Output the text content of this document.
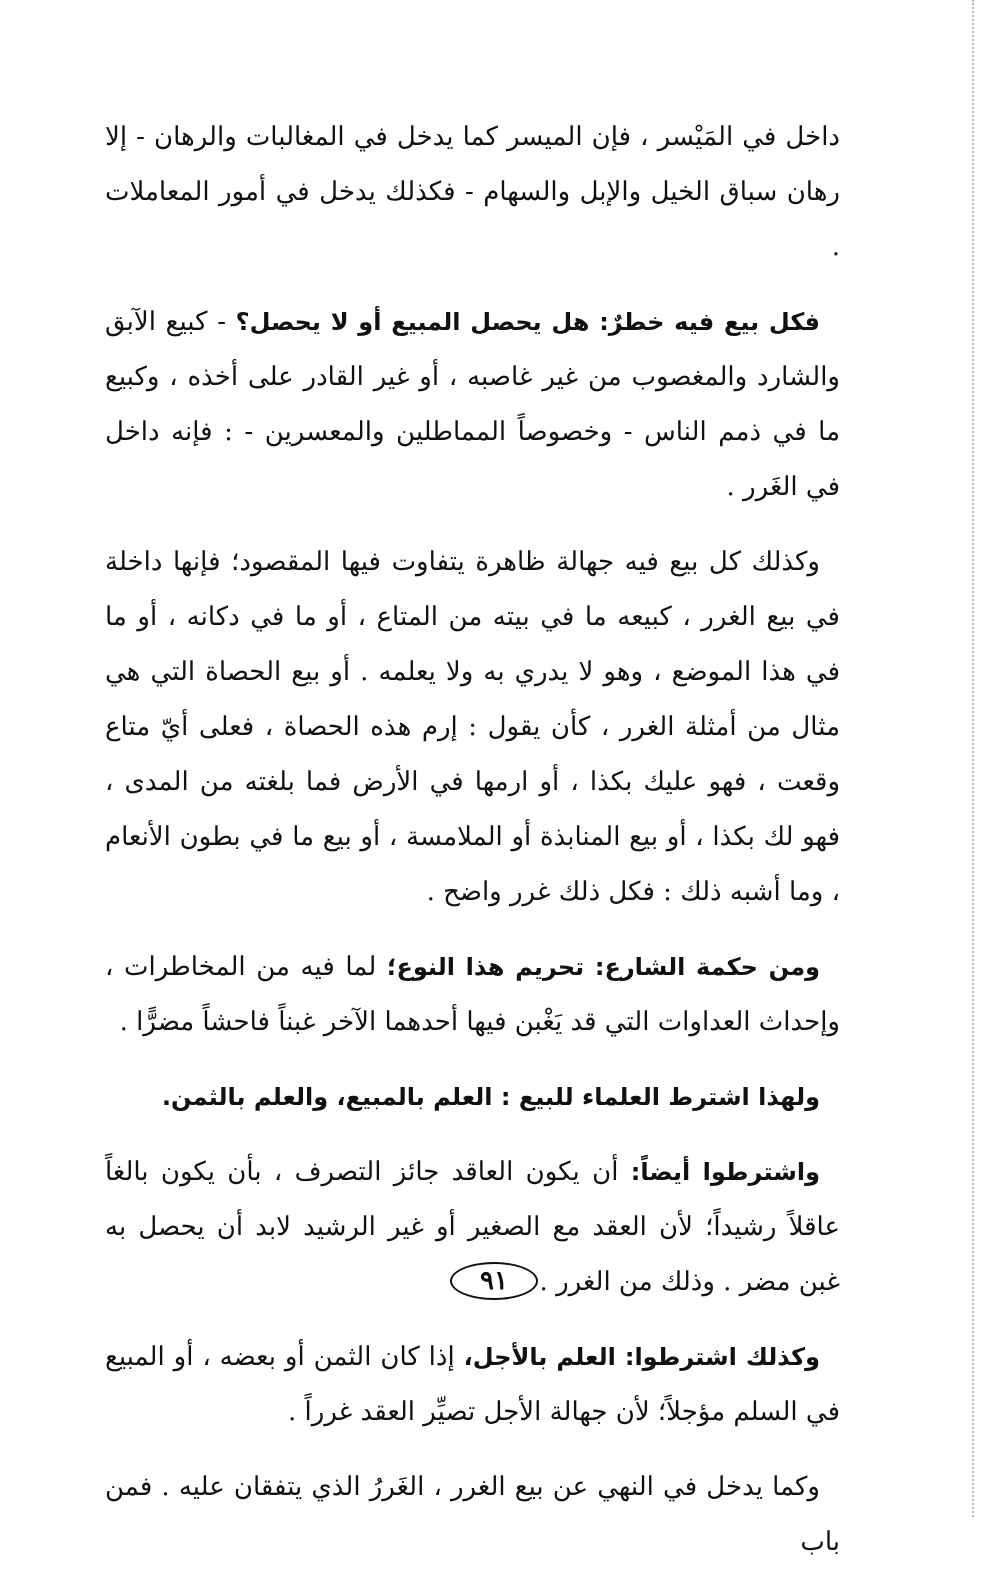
داخل في المَيْسر ، فإن الميسر كما يدخل في المغالبات والرهان - إلا رهان سباق الخيل والإبل والسهام - فكذلك يدخل في أمور المعاملات .

فكل بيع فيه خطرٌ: هل يحصل المبيع أو لا يحصل؟ - كبيع الآبق والشارد والمغصوب من غير غاصبه ، أو غير القادر على أخذه ، وكبيع ما في ذمم الناس - وخصوصاً المماطلين والمعسرين - : فإنه داخل في الغَرر .

وكذلك كل بيع فيه جهالة ظاهرة يتفاوت فيها المقصود؛ فإنها داخلة في بيع الغرر ، كبيعه ما في بيته من المتاع ، أو ما في دكانه ، أو ما في هذا الموضع ، وهو لا يدري به ولا يعلمه . أو بيع الحصاة التي هي مثال من أمثلة الغرر ، كأن يقول : إرم هذه الحصاة ، فعلى أيّ متاع وقعت ، فهو عليك بكذا ، أو ارمها في الأرض فما بلغته من المدى ، فهو لك بكذا ، أو بيع المنابذة أو الملامسة ، أو بيع ما في بطون الأنعام ، وما أشبه ذلك : فكل ذلك غرر واضح .

ومن حكمة الشارع: تحريم هذا النوع؛ لما فيه من المخاطرات ، وإحداث العداوات التي قد يَغْبن فيها أحدهما الآخر غبناً فاحشاً مضرًّا .

ولهذا اشترط العلماء للبيع : العلم بالمبيع، والعلم بالثمن.

واشترطوا أيضاً: أن يكون العاقد جائز التصرف ، بأن يكون بالغاً عاقلاً رشيداً؛ لأن العقد مع الصغير أو غير الرشيد لابد أن يحصل به غبن مضر . وذلك من الغرر .

وكذلك اشترطوا: العلم بالأجل، إذا كان الثمن أو بعضه ، أو المبيع في السلم مؤجلاً؛ لأن جهالة الأجل تصيِّر العقد غرراً .

وكما يدخل في النهي عن بيع الغرر ، الغَررُ الذي يتفقان عليه . فمن باب

٩١
